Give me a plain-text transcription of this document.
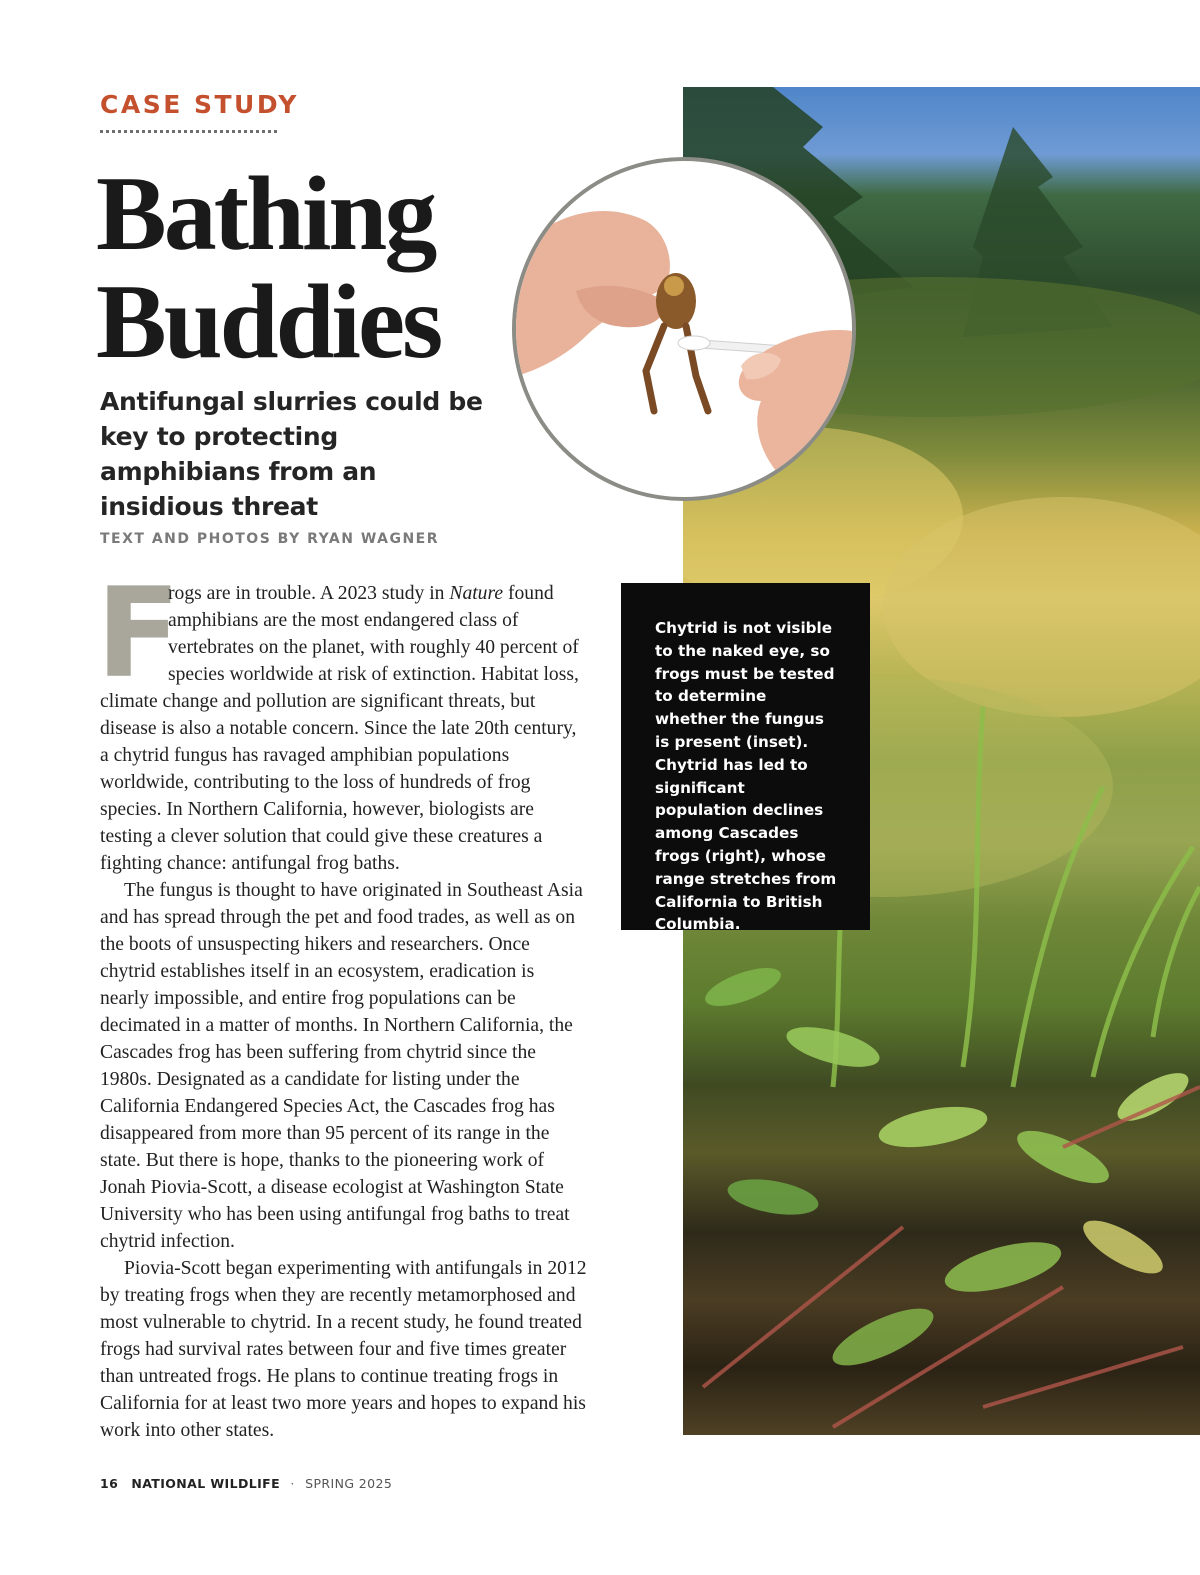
CASE STUDY
Bathing
Buddies
Antifungal slurries could be key to protecting amphibians from an insidious threat
TEXT AND PHOTOS BY RYAN WAGNER

F
rogs are in trouble. A 2023 study in Nature found amphibians are the most endangered class of vertebrates on the planet, with roughly 40 percent of species worldwide at risk of extinction. Habitat loss, climate change and pollution are significant threats, but disease is also a notable concern. Since the late 20th century, a chytrid fungus has ravaged amphibian populations worldwide, contributing to the loss of hundreds of frog species. In Northern California, however, biologists are testing a clever solution that could give these creatures a fighting chance: antifungal frog baths.

The fungus is thought to have originated in Southeast Asia and has spread through the pet and food trades, as well as on the boots of unsuspecting hikers and researchers. Once chytrid establishes itself in an ecosystem, eradication is nearly impossible, and entire frog populations can be decimated in a matter of months. In Northern California, the Cascades frog has been suffering from chytrid since the 1980s. Designated as a candidate for listing under the California Endangered Species Act, the Cascades frog has disappeared from more than 95 percent of its range in the state. But there is hope, thanks to the pioneering work of Jonah Piovia-Scott, a disease ecologist at Washington State University who has been using antifungal frog baths to treat chytrid infection.

Piovia-Scott began experimenting with antifungals in 2012 by treating frogs when they are recently metamorphosed and most vulnerable to chytrid. In a recent study, he found treated frogs had survival rates between four and five times greater than untreated frogs. He plans to continue treating frogs in California for at least two more years and hopes to expand his work into other states.

Chytrid is not visible to the naked eye, so frogs must be tested to determine whether the fungus is present (inset). Chytrid has led to significant population declines among Cascades frogs (right), whose range stretches from California to British Columbia.
16 NATIONAL WILDLIFE · SPRING 2025
